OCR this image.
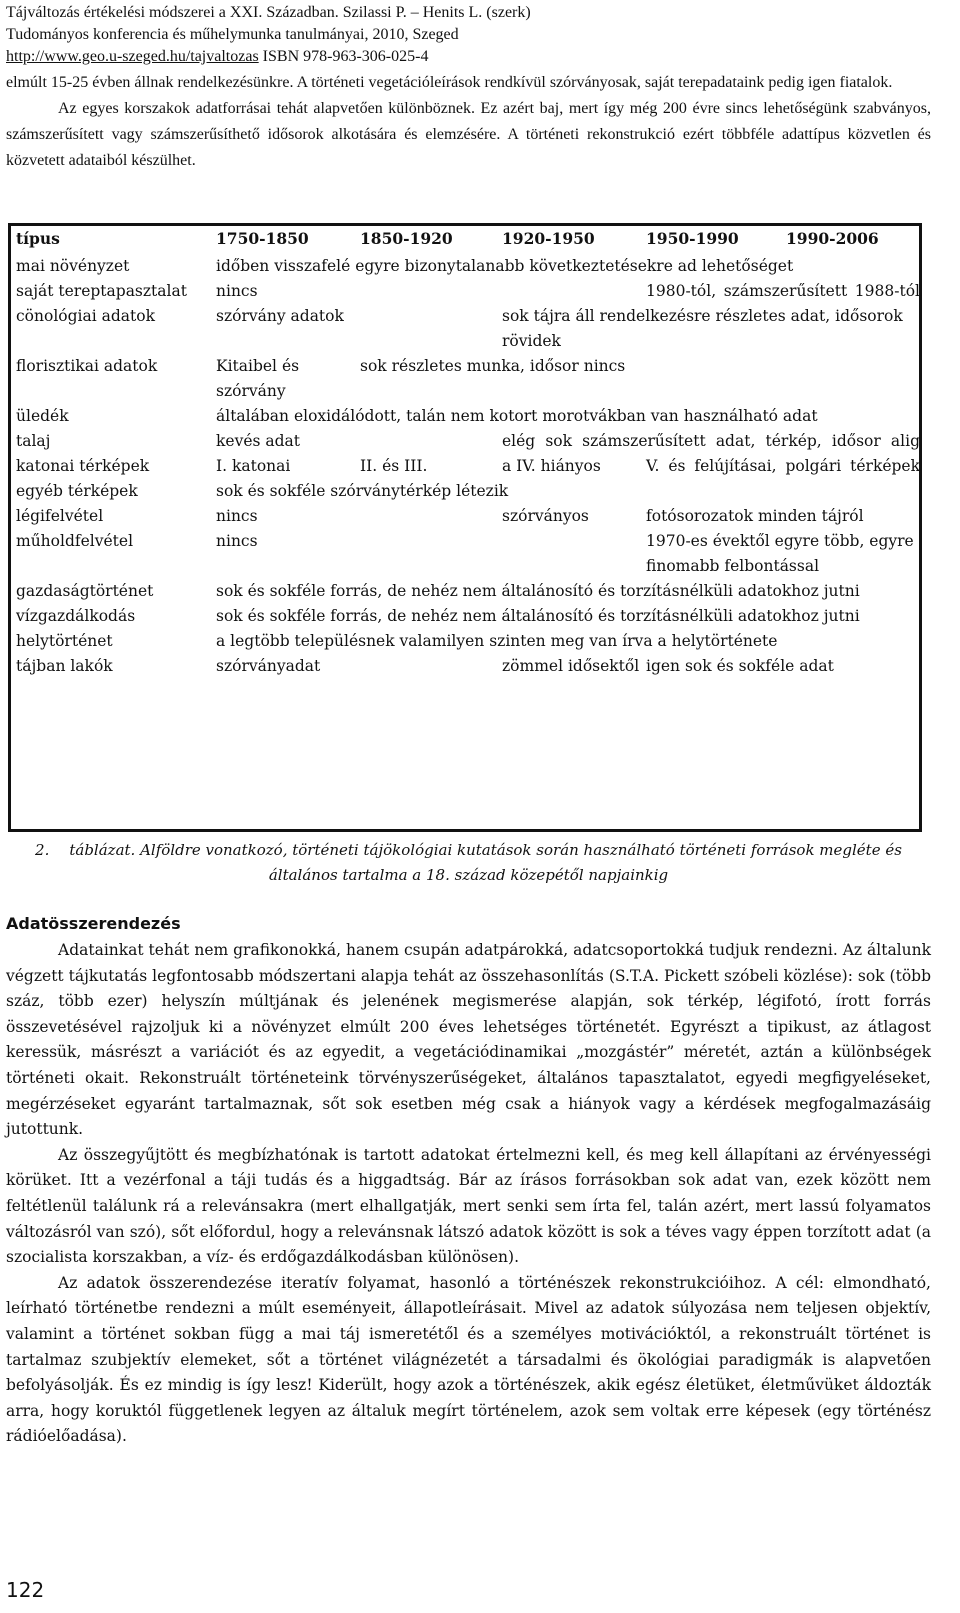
Tájváltozás értékelési módszerei a XXI. Században. Szilassi P. – Henits L. (szerk)
Tudományos konferencia és műhelymunka tanulmányai, 2010, Szeged
http://www.geo.u-szeged.hu/tajvaltozas ISBN 978-963-306-025-4

elmúlt 15-25 évben állnak rendelkezésünkre. A történeti vegetációleírások rendkívül szórványosak, saját terepadataink pedig igen fiatalok.

Az egyes korszakok adatforrásai tehát alapvetően különböznek. Ez azért baj, mert így még 200 évre sincs lehetőségünk szabványos, számszerűsített vagy számszerűsíthető idősorok alkotására és elemzésére. A történeti rekonstrukció ezért többféle adattípus közvetlen és közvetett adataiból készülhet.

típus	1750-1850	1850-1920	1920-1950	1950-1990	1990-2006
mai növényzet	időben visszafelé egyre bizonytalanabb következtetésekre ad lehetőséget				
saját tereptapasztalat	nincs			1980-tól, számszerűsített 1988-tól	
cönológiai adatok	szórvány adatok		sok tájra áll rendelkezésre részletes adat, idősorok rövidek		
florisztikai adatok	Kitaibel és szórvány	sok részletes munka, idősor nincs			
üledék	általában eloxidálódott, talán nem kotort morotvákban van használható adat				
talaj	kevés adat		elég sok számszerűsített adat, térkép, idősor alig		
katonai térképek	I. katonai	II. és III.	a IV. hiányos	V. és felújításai, polgári térképek	
egyéb térképek	sok és sokféle szórványtérkép létezik				
légifelvétel	nincs		szórványos	fotósorozatok minden tájról	
műholdfelvétel	nincs			1970-es évektől egyre több, egyre finomabb felbontással	
gazdaságtörténet	sok és sokféle forrás, de nehéz nem általánosító és torzításnélküli adatokhoz jutni				
vízgazdálkodás	sok és sokféle forrás, de nehéz nem általánosító és torzításnélküli adatokhoz jutni				
helytörténet	a legtöbb településnek valamilyen szinten meg van írva a helytörténete				
tájban lakók	szórványadat		zömmel idősektől	igen sok és sokféle adat	
2. táblázat. Alföldre vonatkozó, történeti tájökológiai kutatások során használható történeti források megléte és általános tartalma a 18. század közepétől napjainkig
Adatösszerendezés

Adatainkat tehát nem grafikonokká, hanem csupán adatpárokká, adatcsoportokká tudjuk rendezni. Az általunk végzett tájkutatás legfontosabb módszertani alapja tehát az összehasonlítás (S.T.A. Pickett szóbeli közlése): sok (több száz, több ezer) helyszín múltjának és jelenének megismerése alapján, sok térkép, légifotó, írott forrás összevetésével rajzoljuk ki a növényzet elmúlt 200 éves lehetséges történetét. Egyrészt a tipikust, az átlagost keressük, másrészt a variációt és az egyedit, a vegetációdinamikai „mozgástér” méretét, aztán a különbségek történeti okait. Rekonstruált történeteink törvényszerűségeket, általános tapasztalatot, egyedi megfigyeléseket, megérzéseket egyaránt tartalmaznak, sőt sok esetben még csak a hiányok vagy a kérdések megfogalmazásáig jutottunk.

Az összegyűjtött és megbízhatónak is tartott adatokat értelmezni kell, és meg kell állapítani az érvényességi körüket. Itt a vezérfonal a táji tudás és a higgadtság. Bár az írásos forrásokban sok adat van, ezek között nem feltétlenül találunk rá a relevánsakra (mert elhallgatják, mert senki sem írta fel, talán azért, mert lassú folyamatos változásról van szó), sőt előfordul, hogy a relevánsnak látszó adatok között is sok a téves vagy éppen torzított adat (a szocialista korszakban, a víz- és erdőgazdálkodásban különösen).

Az adatok összerendezése iteratív folyamat, hasonló a történészek rekonstrukcióihoz. A cél: elmondható, leírható történetbe rendezni a múlt eseményeit, állapotleírásait. Mivel az adatok súlyozása nem teljesen objektív, valamint a történet sokban függ a mai táj ismeretétől és a személyes motivációktól, a rekonstruált történet is tartalmaz szubjektív elemeket, sőt a történet világnézetét a társadalmi és ökológiai paradigmák is alapvetően befolyásolják. És ez mindig is így lesz! Kiderült, hogy azok a történészek, akik egész életüket, életművüket áldozták arra, hogy koruktól függetlenek legyen az általuk megírt történelem, azok sem voltak erre képesek (egy történész rádióelőadása).

122
